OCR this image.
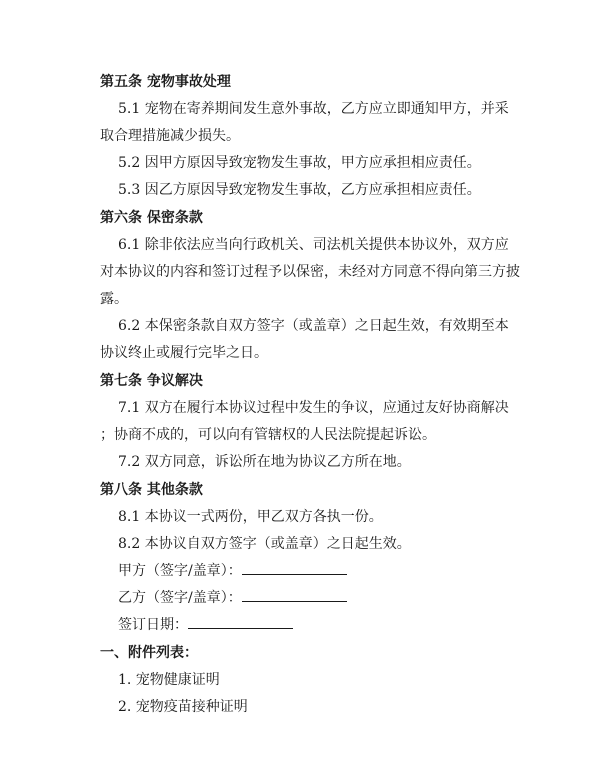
第五条 宠物事故处理
5.1 宠物在寄养期间发生意外事故，乙方应立即通知甲方，并采
取合理措施减少损失。
5.2 因甲方原因导致宠物发生事故，甲方应承担相应责任。
5.3 因乙方原因导致宠物发生事故，乙方应承担相应责任。
第六条 保密条款
6.1 除非依法应当向行政机关、司法机关提供本协议外，双方应
对本协议的内容和签订过程予以保密，未经对方同意不得向第三方披
露。
6.2 本保密条款自双方签字（或盖章）之日起生效，有效期至本
协议终止或履行完毕之日。
第七条 争议解决
7.1 双方在履行本协议过程中发生的争议，应通过友好协商解决
；协商不成的，可以向有管辖权的人民法院提起诉讼。
7.2 双方同意，诉讼所在地为协议乙方所在地。
第八条 其他条款
8.1 本协议一式两份，甲乙双方各执一份。
8.2 本协议自双方签字（或盖章）之日起生效。
甲方（签字/盖章）：
乙方（签字/盖章）：
签订日期：
一、附件列表：
1. 宠物健康证明
2. 宠物疫苗接种证明
